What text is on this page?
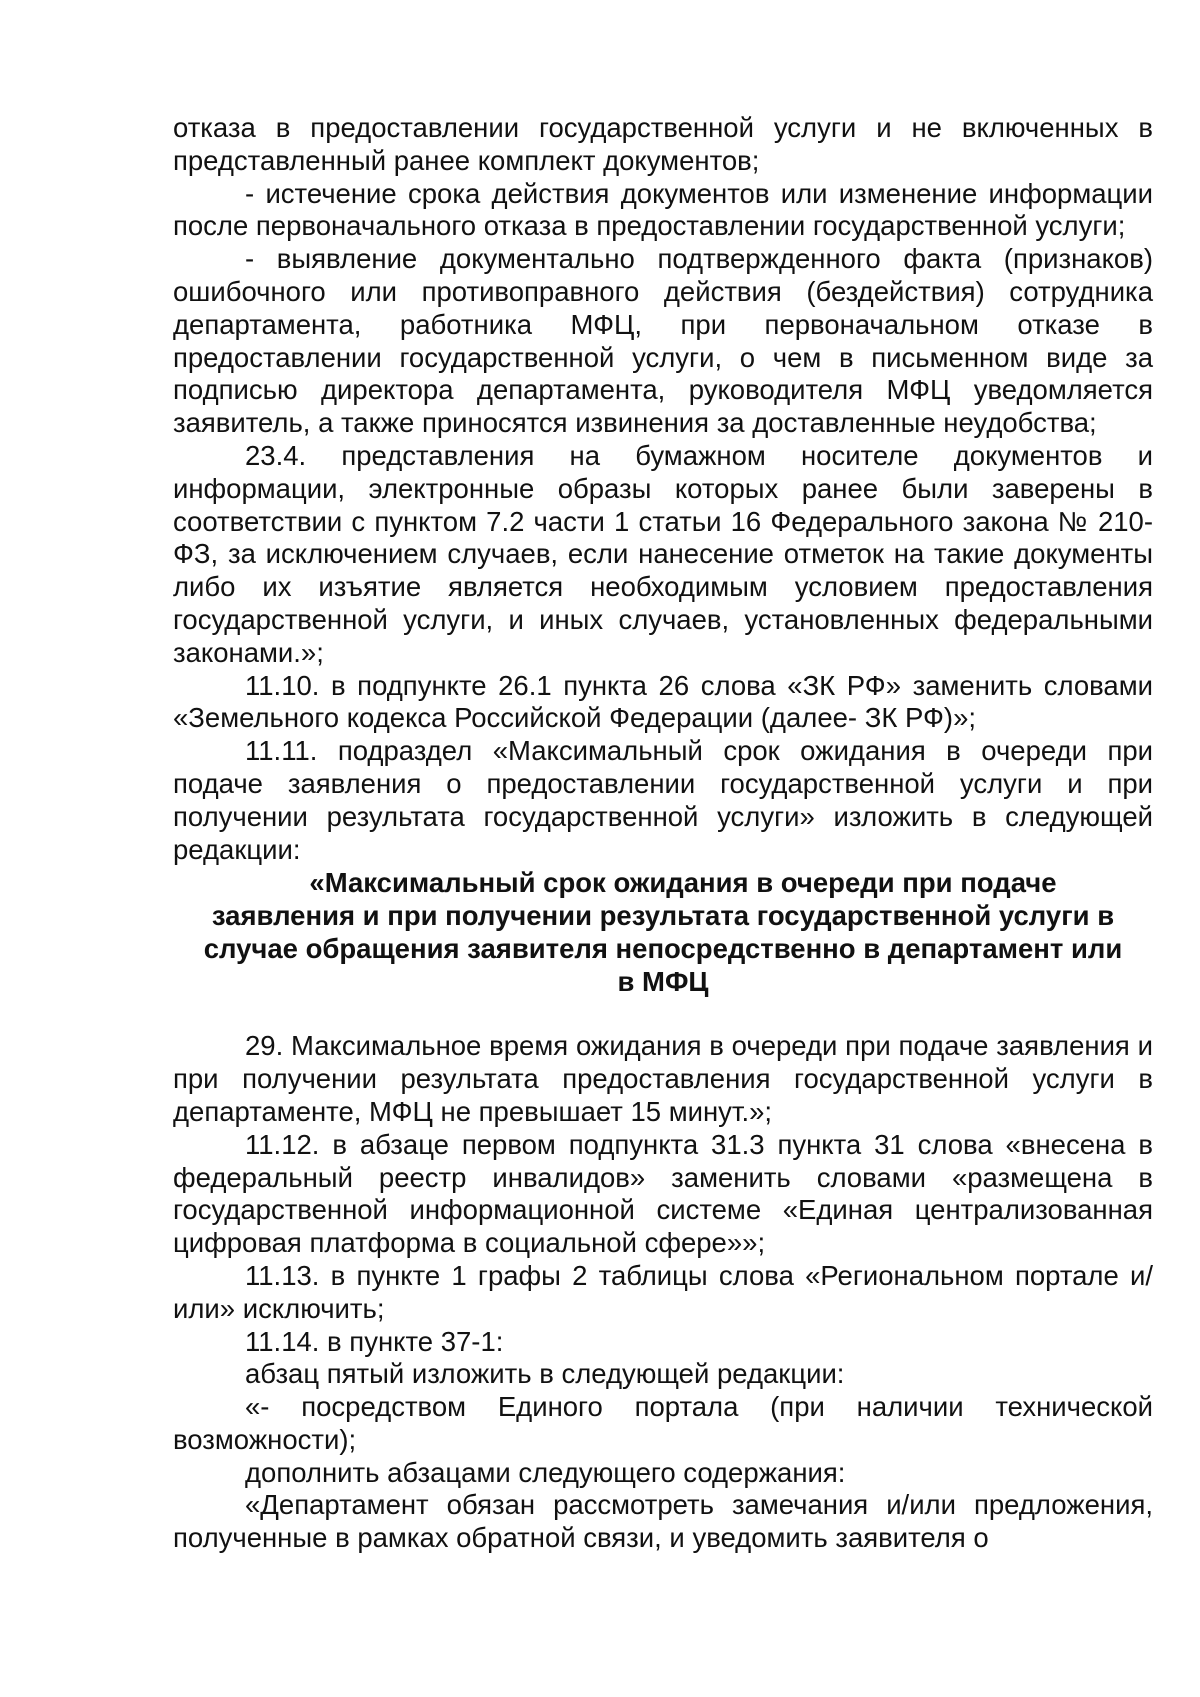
отказа в предоставлении государственной услуги и не включенных в представленный ранее комплект документов;

- истечение срока действия документов или изменение информации после первоначального отказа в предоставлении государственной услуги;

- выявление документально подтвержденного факта (признаков) ошибочного или противоправного действия (бездействия) сотрудника департамента, работника МФЦ, при первоначальном отказе в предоставлении государственной услуги, о чем в письменном виде за подписью директора департамента, руководителя МФЦ уведомляется заявитель, а также приносятся извинения за доставленные неудобства;

23.4. представления на бумажном носителе документов и информации, электронные образы которых ранее были заверены в соответствии с пунктом 7.2 части 1 статьи 16 Федерального закона № 210-ФЗ, за исключением случаев, если нанесение отметок на такие документы либо их изъятие является необходимым условием предоставления государственной услуги, и иных случаев, установленных федеральными законами.»;

11.10. в подпункте 26.1 пункта 26 слова «ЗК РФ» заменить словами «Земельного кодекса Российской Федерации (далее- ЗК РФ)»;

11.11. подраздел «Максимальный срок ожидания в очереди при подаче заявления о предоставлении государственной услуги и при получении результата государственной услуги» изложить в следующей редакции:

«Максимальный срок ожидания в очереди при подаче
заявления и при получении результата государственной услуги в
случае обращения заявителя непосредственно в департамент или
в МФЦ

29. Максимальное время ожидания в очереди при подаче заявления и при получении результата предоставления государственной услуги в департаменте, МФЦ не превышает 15 минут.»;

11.12. в абзаце первом подпункта 31.3 пункта 31 слова «внесена в федеральный реестр инвалидов» заменить словами «размещена в государственной информационной системе «Единая централизованная цифровая платформа в социальной сфере»»;

11.13. в пункте 1 графы 2 таблицы слова «Региональном портале и/или» исключить;

11.14. в пункте 37-1:

абзац пятый изложить в следующей редакции:

«- посредством Единого портала (при наличии технической возможности);

дополнить абзацами следующего содержания:

«Департамент обязан рассмотреть замечания и/или предложения, полученные в рамках обратной связи, и уведомить заявителя о
